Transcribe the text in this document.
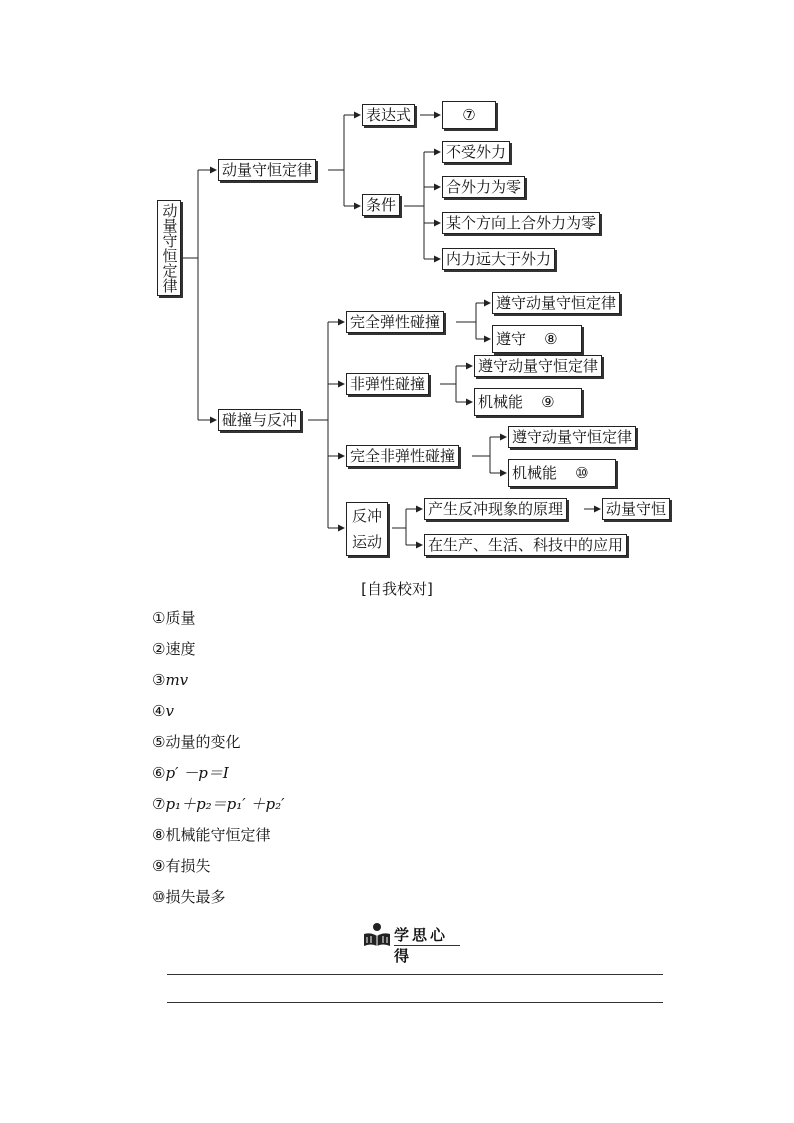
动量守恒定律
动量守恒定律
表达式	⑦
条件
不受外力
合外力为零
某个方向上合外力为零
内力远大于外力
碰撞与反冲
完全弹性碰撞
遵守动量守恒定律
遵守 ⑧
非弹性碰撞
遵守动量守恒定律
机械能 ⑨
完全非弹性碰撞
遵守动量守恒定律
机械能 ⑩
反冲
运动
产生反冲现象的原理	动量守恒
在生产、生活、科技中的应用
[自我校对]
①质量
②速度
③mv
④v
⑤动量的变化
⑥p′ －p＝I
⑦p₁＋p₂＝p₁′ ＋p₂′
⑧机械能守恒定律
⑨有损失
⑩损失最多
学思心得
